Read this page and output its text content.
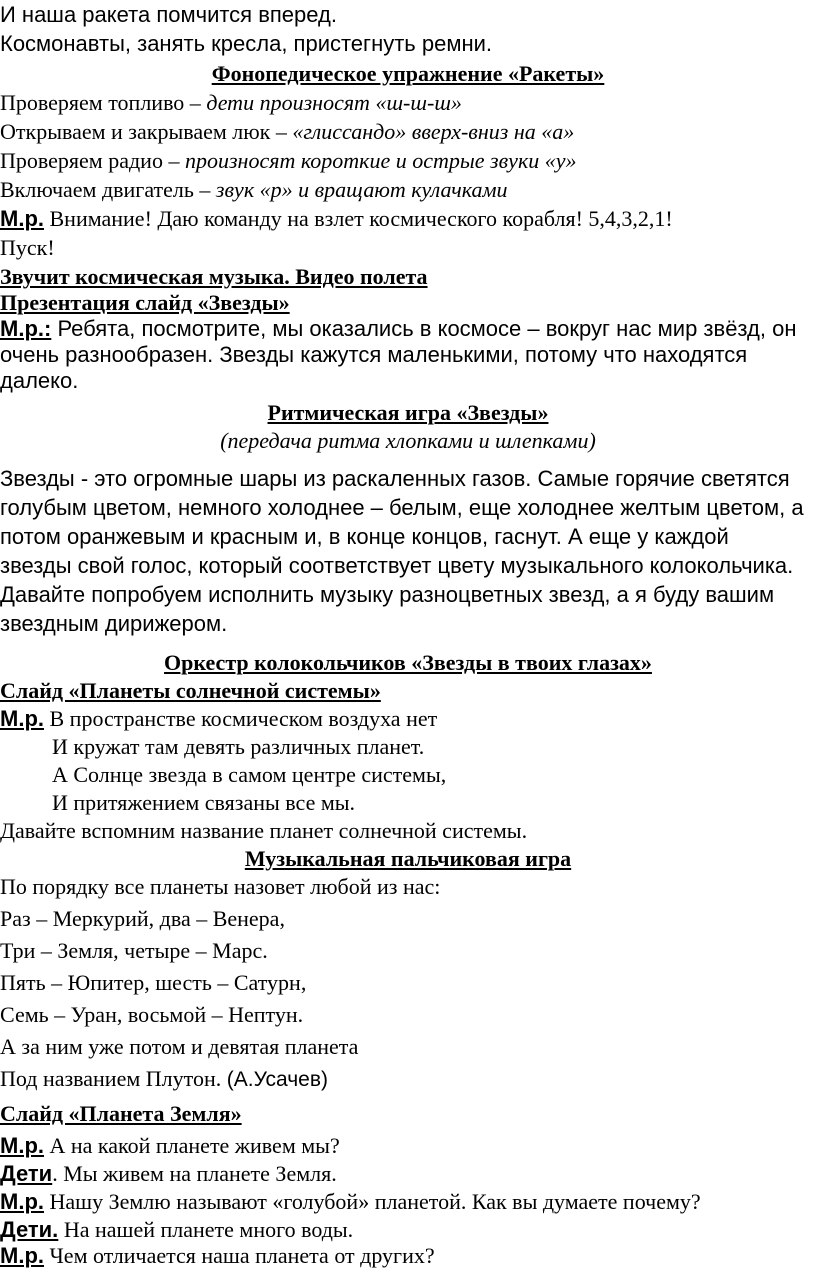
И наша ракета помчится вперед.
Космонавты, занять кресла, пристегнуть ремни.
Фонопедическое упражнение «Ракеты»
Проверяем топливо – дети произносят «ш-ш-ш»
Открываем и закрываем люк – «глиссандо» вверх-вниз на «а»
Проверяем радио – произносят короткие и острые звуки «у»
Включаем двигатель – звук «р» и вращают кулачками
М.р. Внимание! Даю команду на взлет космического корабля! 5,4,3,2,1!
Пуск!
Звучит космическая музыка. Видео полета
Презентация слайд «Звезды»
М.р.: Ребята, посмотрите, мы оказались в космосе – вокруг нас мир звёзд, он
очень разнообразен. Звезды кажутся маленькими, потому что находятся
далеко.
Ритмическая игра «Звезды»
(передача ритма хлопками и шлепками)
Звезды - это огромные шары из раскаленных газов. Самые горячие светятся
голубым цветом, немного холоднее – белым, еще холоднее желтым цветом, а
потом оранжевым и красным и, в конце концов, гаснут. А еще у каждой
звезды свой голос, который соответствует цвету музыкального колокольчика.
Давайте попробуем исполнить музыку разноцветных звезд, а я буду вашим
звездным дирижером.
Оркестр колокольчиков «Звезды в твоих глазах»
Слайд «Планеты солнечной системы»
М.р. В пространстве космическом воздуха нет
И кружат там девять различных планет.
А Солнце звезда в самом центре системы,
И притяжением связаны все мы.
Давайте вспомним название планет солнечной системы.
Музыкальная пальчиковая игра
По порядку все планеты назовет любой из нас:
Раз – Меркурий, два – Венера,
Три – Земля, четыре – Марс.
Пять – Юпитер, шесть – Сатурн,
Семь – Уран, восьмой – Нептун.
А за ним уже потом и девятая планета
Под названием Плутон. (А.Усачев)
Слайд «Планета Земля»
М.р. А на какой планете живем мы?
Дети. Мы живем на планете Земля.
М.р. Нашу Землю называют «голубой» планетой. Как вы думаете почему?
Дети. На нашей планете много воды.
М.р. Чем отличается наша планета от других?
